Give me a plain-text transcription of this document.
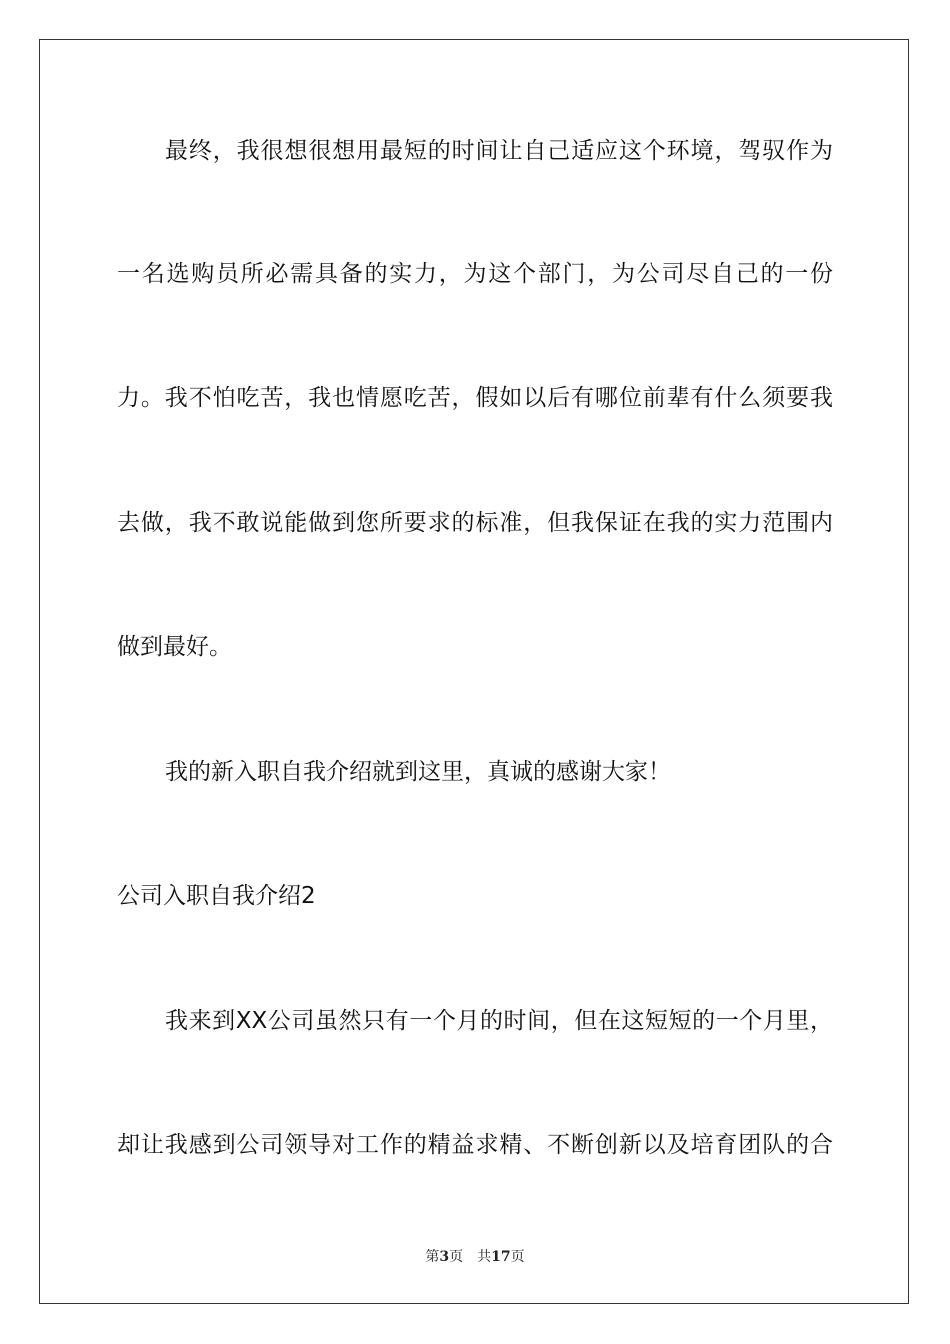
最终，我很想很想用最短的时间让自己适应这个环境，驾驭作为
一名选购员所必需具备的实力，为这个部门，为公司尽自己的一份
力。我不怕吃苦，我也情愿吃苦，假如以后有哪位前辈有什么须要我
去做，我不敢说能做到您所要求的标准，但我保证在我的实力范围内
做到最好。
我的新入职自我介绍就到这里，真诚的感谢大家！
公司入职自我介绍2
我来到XX公司虽然只有一个月的时间，但在这短短的一个月里，
却让我感到公司领导对工作的精益求精、不断创新以及培育团队的合
第3页 共17页
